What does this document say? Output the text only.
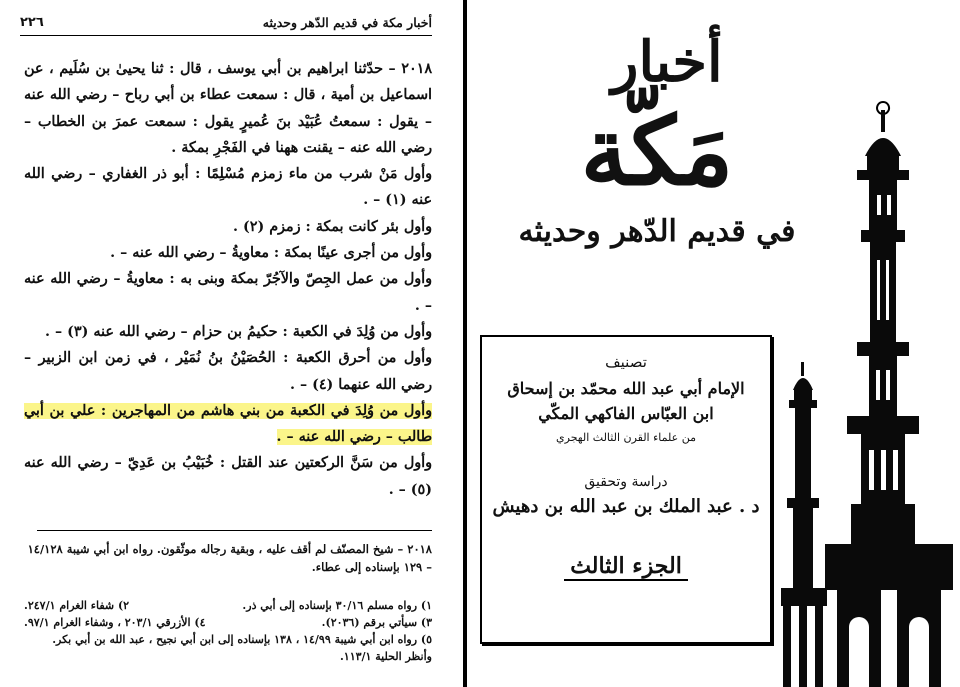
أخبار مكة في قديم الدّهر وحديثه
٢٢٦

٢٠١٨ – حدّثنا ابراهيم بن أبي يوسف ، قال : ثنا يحيىٰ بن سُلَيم ، عن اسماعيل بن أمية ، قال : سمعت عطاء بن أبي رباح – رضي الله عنه – يقول : سمعتُ عُبَيْد بنَ عُميرٍ يقول : سمعت عمرَ بن الخطاب – رضي الله عنه – يقنت ههنا في الفَجْرِ بمكة .

وأول مَنْ شرب من ماء زمزم مُسْلِمًا : أبو ذر الغفاري – رضي الله عنه (١) – .

وأول بئر كانت بمكة : زمزم (٢) .

وأول من أجرى عينًا بمكة : معاويةُ – رضي الله عنه – .

وأول من عمل الجِصّ والآجُرّ بمكة وبنى به : معاويةُ – رضي الله عنه – .

وأول من وُلِدَ في الكعبة : حكيمُ بن حزام – رضي الله عنه (٣) – .

وأول من أحرق الكعبة : الحُصَيْنُ بنُ نُمَيْر ، في زمن ابن الزبير – رضي الله عنهما (٤) – .

وأول من وُلِدَ في الكعبة من بني هاشم من المهاجرين : علي بن أبي طالب – رضي الله عنه – .

وأول من سَنَّ الركعتين عند القتل : خُبَيْبُ بن عَدِيّ – رضي الله عنه (٥) – .

٢٠١٨ – شيخ المصنّف لم أقف عليه ، وبقية رجاله موثّقون. رواه ابن أبي شيبة ١٤/١٢٨ – ١٢٩ بإسناده إلى عطاء.
١) رواه مسلم ٣٠/١٦ بإسناده إلى أبي ذر.
٢) شفاء الغرام ٢٤٧/١.
٣) سيأتي برقم (٢٠٣٦).
٤) الأزرقي ٢٠٣/١ ، وشفاء الغرام ٩٧/١.
٥) رواه ابن أبي شيبة ١٤/٩٩ ، ١٣٨ بإسناده إلى ابن أبي نجيح ، عبد الله بن أبي بكر. وأنظر الحلية ١١٣/١.
أخبار
مَكّة
في قديم الدّهر وحديثه
تصنيف
الإمام أبي عبد الله محمّد بن إسحاق
ابن العبّاس الفاكهي المكّي
من علماء القرن الثالث الهجري
دراسة وتحقيق
د . عبد الملك بن عبد الله بن دهيش
الجزء الثالث
